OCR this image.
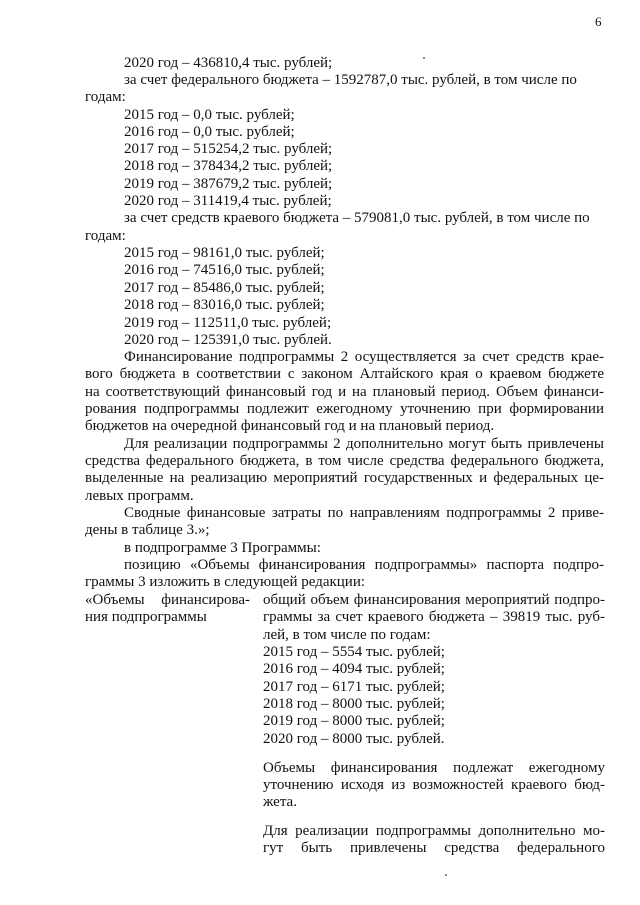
6
2020 год – 436810,4 тыс. рублей;
за счет федерального бюджета – 1592787,0 тыс. рублей, в том числе по
годам:
2015 год – 0,0 тыс. рублей;
2016 год – 0,0 тыс. рублей;
2017 год – 515254,2 тыс. рублей;
2018 год – 378434,2 тыс. рублей;
2019 год – 387679,2 тыс. рублей;
2020 год – 311419,4 тыс. рублей;
за счет средств краевого бюджета – 579081,0 тыс. рублей, в том числе по
годам:
2015 год – 98161,0 тыс. рублей;
2016 год – 74516,0 тыс. рублей;
2017 год – 85486,0 тыс. рублей;
2018 год – 83016,0 тыс. рублей;
2019 год – 112511,0 тыс. рублей;
2020 год – 125391,0 тыс. рублей.
Финансирование подпрограммы 2 осуществляется за счет средств крае-
вого бюджета в соответствии с законом Алтайского края о краевом бюджете
на соответствующий финансовый год и на плановый период. Объем финанси-
рования подпрограммы подлежит ежегодному уточнению при формировании
бюджетов на очередной финансовый год и на плановый период.
Для реализации подпрограммы 2 дополнительно могут быть привлечены
средства федерального бюджета, в том числе средства федерального бюджета,
выделенные на реализацию мероприятий государственных и федеральных це-
левых программ.
Сводные финансовые затраты по направлениям подпрограммы 2 приве-
дены в таблице 3.»;
в подпрограмме 3 Программы:
позицию «Объемы финансирования подпрограммы» паспорта подпро-
граммы 3 изложить в следующей редакции:
«Объемы финансирова-
ния подпрограммы
общий объем финансирования мероприятий подпро-
граммы за счет краевого бюджета – 39819 тыс. руб-
лей, в том числе по годам:
2015 год – 5554 тыс. рублей;
2016 год – 4094 тыс. рублей;
2017 год – 6171 тыс. рублей;
2018 год – 8000 тыс. рублей;
2019 год – 8000 тыс. рублей;
2020 год – 8000 тыс. рублей.
Объемы финансирования подлежат ежегодному
уточнению исходя из возможностей краевого бюд-
жета.
Для реализации подпрограммы дополнительно мо-
гут быть привлечены средства федерального
